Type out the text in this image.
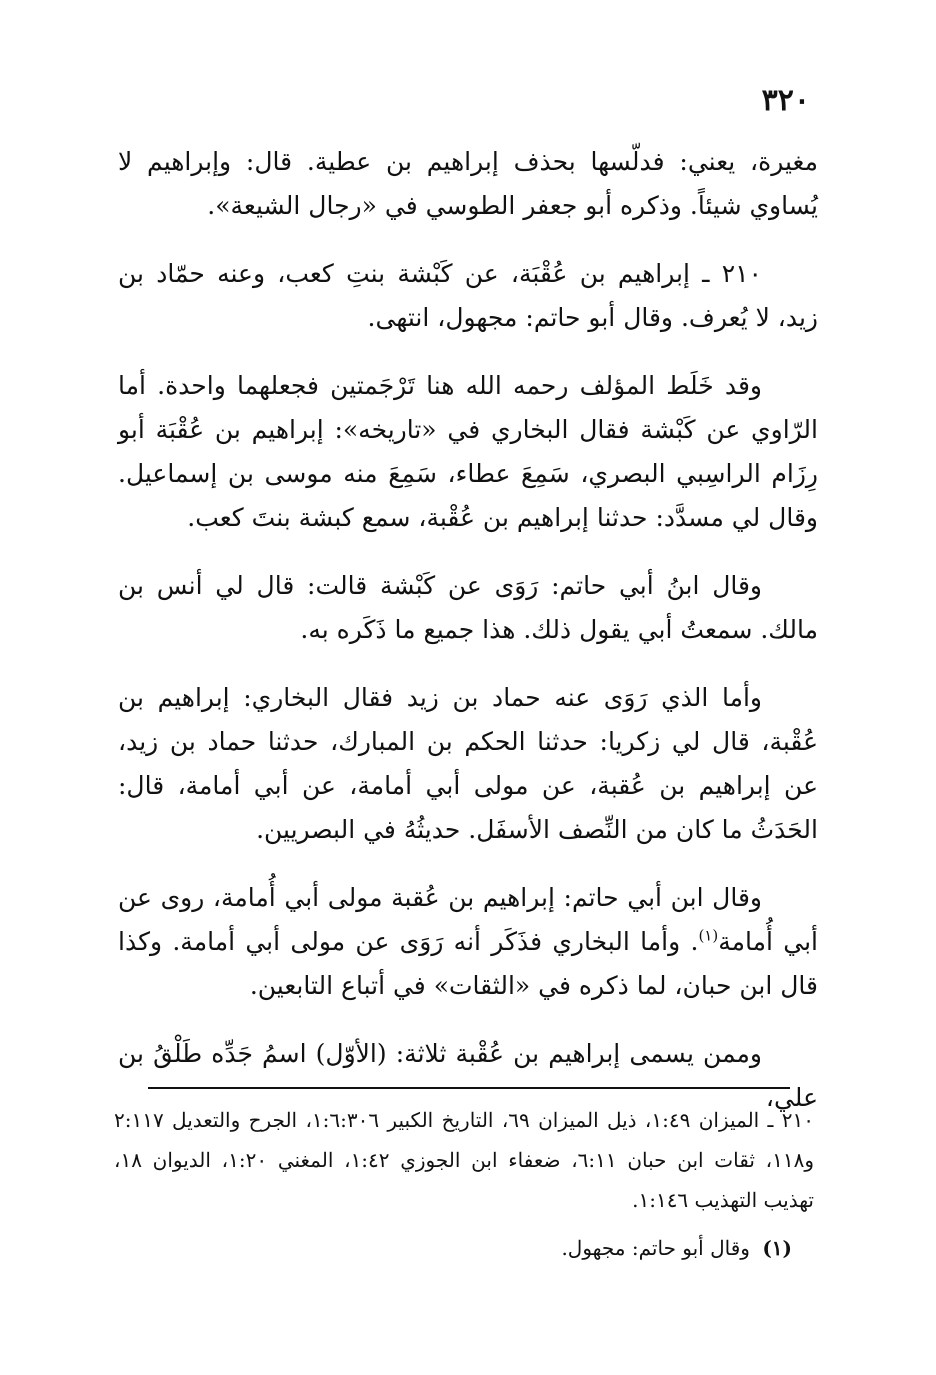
٣٢٠

مغيرة، يعني: فدلّسها بحذف إبراهيم بن عطية. قال: وإبراهيم لا يُساوي شيئاً. وذكره أبو جعفر الطوسي في «رجال الشيعة».

٢١٠ ـ إبراهيم بن عُقْبَة، عن كَبْشة بنتِ كعب، وعنه حمّاد بن زيد، لا يُعرف. وقال أبو حاتم: مجهول، انتهى.

وقد خَلَط المؤلف رحمه الله هنا تَرْجَمتين فجعلهما واحدة. أما الرّاوي عن كَبْشة فقال البخاري في «تاريخه»: إبراهيم بن عُقْبَة أبو رِزَام الراسِبي البصري، سَمِعَ عطاء، سَمِعَ منه موسى بن إسماعيل. وقال لي مسدَّد: حدثنا إبراهيم بن عُقْبة، سمع كبشة بنتَ كعب.

وقال ابنُ أبي حاتم: رَوَى عن كَبْشة قالت: قال لي أنس بن مالك. سمعتُ أبي يقول ذلك. هذا جميع ما ذَكَره به.

وأما الذي رَوَى عنه حماد بن زيد فقال البخاري: إبراهيم بن عُقْبة، قال لي زكريا: حدثنا الحكم بن المبارك، حدثنا حماد بن زيد، عن إبراهيم بن عُقبة، عن مولى أبي أمامة، عن أبي أمامة، قال: الحَدَثُ ما كان من النِّصف الأسفَل. حديثُهُ في البصريين.

وقال ابن أبي حاتم: إبراهيم بن عُقبة مولى أبي أُمامة، روى عن أبي أُمامة$^{(١)}$. وأما البخاري فذَكَر أنه رَوَى عن مولى أبي أمامة. وكذا قال ابن حبان، لما ذكره في «الثقات» في أتباع التابعين.

وممن يسمى إبراهيم بن عُقْبة ثلاثة: (الأوّل) اسمُ جَدِّه طَلْقُ بن علي،

٢١٠ ـ الميزان ١:٤٩، ذيل الميزان ٦٩، التاريخ الكبير ١:٦:٣٠٦، الجرح والتعديل ٢:١١٧ و١١٨، ثقات ابن حبان ٦:١١، ضعفاء ابن الجوزي ١:٤٢، المغني ١:٢٠، الديوان ١٨، تهذيب التهذيب ١:١٤٦.

(١) وقال أبو حاتم: مجهول.
